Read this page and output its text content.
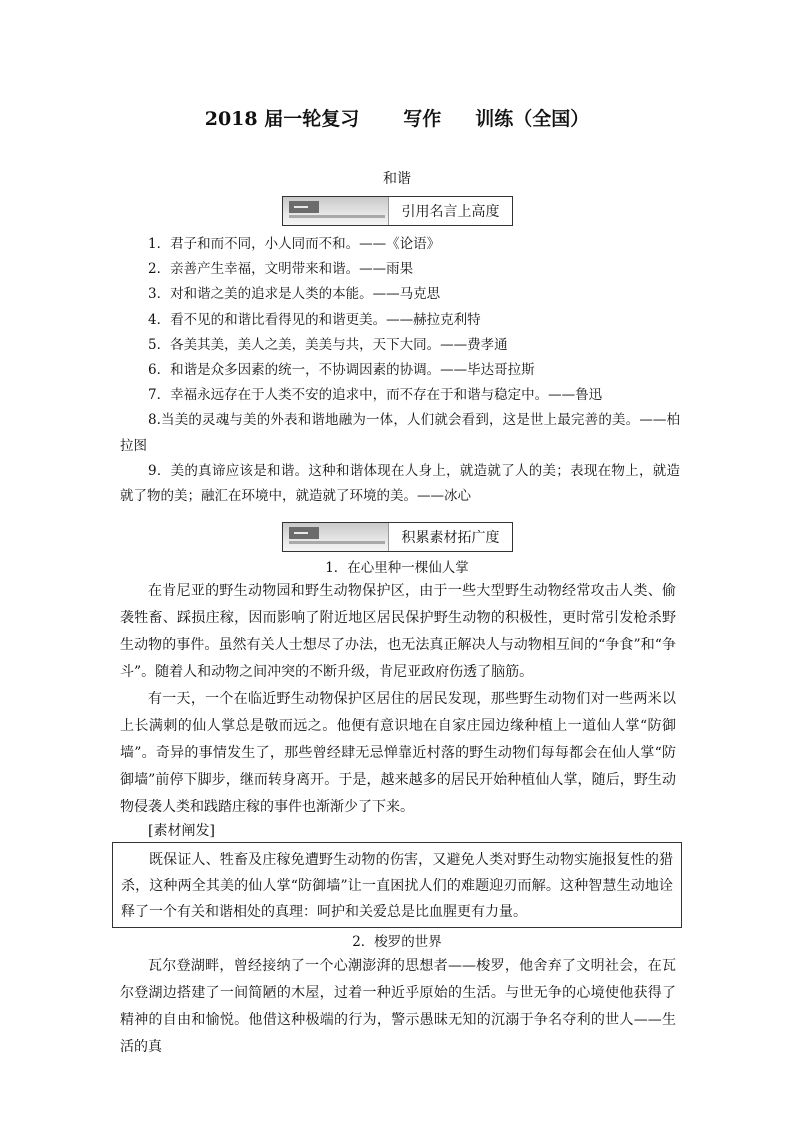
2018 届一轮复习 写作 训练（全国）
和谐
引用名言上高度

1．君子和而不同，小人同而不和。——《论语》

2．亲善产生幸福，文明带来和谐。——雨果

3．对和谐之美的追求是人类的本能。——马克思

4．看不见的和谐比看得见的和谐更美。——赫拉克利特

5．各美其美，美人之美，美美与共，天下大同。——费孝通

6．和谐是众多因素的统一，不协调因素的协调。——毕达哥拉斯

7．幸福永远存在于人类不安的追求中，而不存在于和谐与稳定中。——鲁迅

8.当美的灵魂与美的外表和谐地融为一体，人们就会看到，这是世上最完善的美。——柏拉图

9．美的真谛应该是和谐。这种和谐体现在人身上，就造就了人的美；表现在物上，就造就了物的美；融汇在环境中，就造就了环境的美。——冰心

积累素材拓广度
1．在心里种一棵仙人掌

在肯尼亚的野生动物园和野生动物保护区，由于一些大型野生动物经常攻击人类、偷袭牲畜、踩损庄稼，因而影响了附近地区居民保护野生动物的积极性，更时常引发枪杀野生动物的事件。虽然有关人士想尽了办法，也无法真正解决人与动物相互间的“争食”和“争斗”。随着人和动物之间冲突的不断升级，肯尼亚政府伤透了脑筋。

有一天，一个在临近野生动物保护区居住的居民发现，那些野生动物们对一些两米以上长满刺的仙人掌总是敬而远之。他便有意识地在自家庄园边缘种植上一道仙人掌“防御墙”。奇异的事情发生了，那些曾经肆无忌惮靠近村落的野生动物们每每都会在仙人掌“防御墙”前停下脚步，继而转身离开。于是，越来越多的居民开始种植仙人掌，随后，野生动物侵袭人类和践踏庄稼的事件也渐渐少了下来。

[素材阐发]

既保证人、牲畜及庄稼免遭野生动物的伤害，又避免人类对野生动物实施报复性的猎杀，这种两全其美的仙人掌“防御墙”让一直困扰人们的难题迎刃而解。这种智慧生动地诠释了一个有关和谐相处的真理：呵护和关爱总是比血腥更有力量。

2．梭罗的世界

瓦尔登湖畔，曾经接纳了一个心潮澎湃的思想者——梭罗，他舍弃了文明社会，在瓦尔登湖边搭建了一间简陋的木屋，过着一种近乎原始的生活。与世无争的心境使他获得了精神的自由和愉悦。他借这种极端的行为，警示愚昧无知的沉溺于争名夺利的世人——生活的真
